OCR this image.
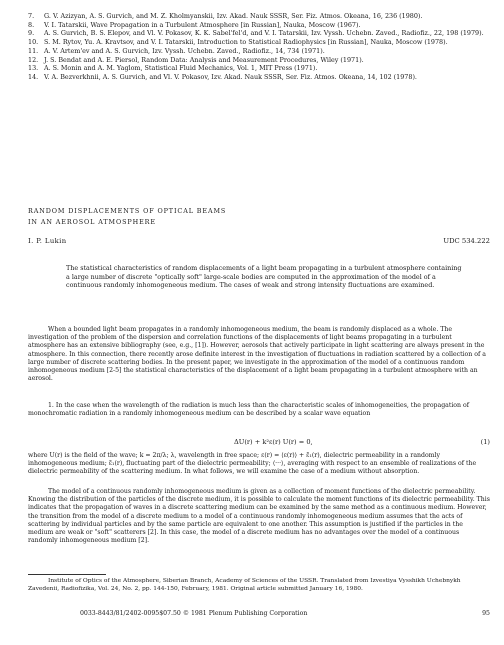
7.	G. V. Azizyan, A. S. Gurvich, and M. Z. Kholmyanskii, Izv. Akad. Nauk SSSR, Ser. Fiz. Atmos. Okeana, 16, 236 (1980).
8.	V. I. Tatarskii, Wave Propagation in a Turbulent Atmosphere [in Russian], Nauka, Moscow (1967).
9.	A. S. Gurvich, B. S. Elepov, and Vl. V. Pokasov, K. K. Sabel'fel'd, and V. I. Tatarskii, Izv. Vyssh. Uchebn. Zaved., Radiofiz., 22, 198 (1979).
10. S. M. Rytov, Yu. A. Kravtsov, and V. I. Tatarskii, Introduction to Statistical Radiophysics [in Russian], Nauka, Moscow (1978).
11. A. V. Artem'ev and A. S. Gurvich, Izv. Vyssh. Uchebn. Zaved., Radiofiz., 14, 734 (1971).
12. J. S. Bendat and A. E. Piersol, Random Data: Analysis and Measurement Procedures, Wiley (1971).
13. A. S. Monin and A. M. Yaglom, Statistical Fluid Mechanics, Vol. 1, MIT Press (1971).
14. V. A. Bezverkhnii, A. S. Gurvich, and Vl. V. Pokasov, Izv. Akad. Nauk SSSR, Ser. Fiz. Atmos. Okeana, 14, 102 (1978).
RANDOM DISPLACEMENTS OF OPTICAL BEAMS
IN AN AEROSOL ATMOSPHERE
I. P. Lukin	UDC 534.222
The statistical characteristics of random displacements of a light beam propagating in a turbulent atmosphere containing a large number of discrete "optically soft" large-scale bodies are computed in the approximation of the model of a continuous randomly inhomogeneous medium. The cases of weak and strong intensity fluctuations are examined.
When a bounded light beam propagates in a randomly inhomogeneous medium, the beam is randomly displaced as a whole. The investigation of the problem of the dispersion and correlation functions of the displacements of light beams propagating in a turbulent atmosphere has an extensive bibliography (see, e.g., [1]). However, aerosols that actively participate in light scattering are always present in the atmosphere. In this connection, there recently arose definite interest in the investigation of fluctuations in radiation scattered by a collection of a large number of discrete scattering bodies. In the present paper, we investigate in the approximation of the model of a continuous random inhomogeneous medium [2-5] the statistical characteristics of the displacement of a light beam propagating in a turbulent atmosphere with an aerosol.
1. In the case when the wavelength of the radiation is much less than the characteristic scales of inhomogeneities, the propagation of monochromatic radiation in a randomly inhomogeneous medium can be described by a scalar wave equation
ΔU(r) + k²ε(r) U(r) = 0,	(1)
where U(r) is the field of the wave; k = 2π/λ; λ, wavelength in free space; ε(r) = ⟨ε(r)⟩ + ε̃₁(r), dielectric permeability in a randomly inhomogeneous medium; ε̃₁(r), fluctuating part of the dielectric permeability; ⟨···⟩, averaging with respect to an ensemble of realizations of the dielectric permeability of the scattering medium. In what follows, we will examine the case of a medium without absorption.
The model of a continuous randomly inhomogeneous medium is given as a collection of moment functions of the dielectric permeability. Knowing the distribution of the particles of the discrete medium, it is possible to calculate the moment functions of its dielectric permeability. This indicates that the propagation of waves in a discrete scattering medium can be examined by the same method as a continuous medium. However, the transition from the model of a discrete medium to a model of a continuous randomly inhomogeneous medium assumes that the acts of scattering by individual particles and by the same particle are equivalent to one another. This assumption is justified if the particles in the medium are weak or "soft" scatterers [2]. In this case, the model of a discrete medium has no advantages over the model of a continuous randomly inhomogeneous medium [2].
Institute of Optics of the Atmosphere, Siberian Branch, Academy of Sciences of the USSR. Translated from Izvestiya Vysshikh Uchebnykh Zavedenii, Radiofizika, Vol. 24, No. 2, pp. 144-150, February, 1981. Original article submitted January 16, 1980.
0033-8443/81/2402-0095$07.50 © 1981 Plenum Publishing Corporation	95
